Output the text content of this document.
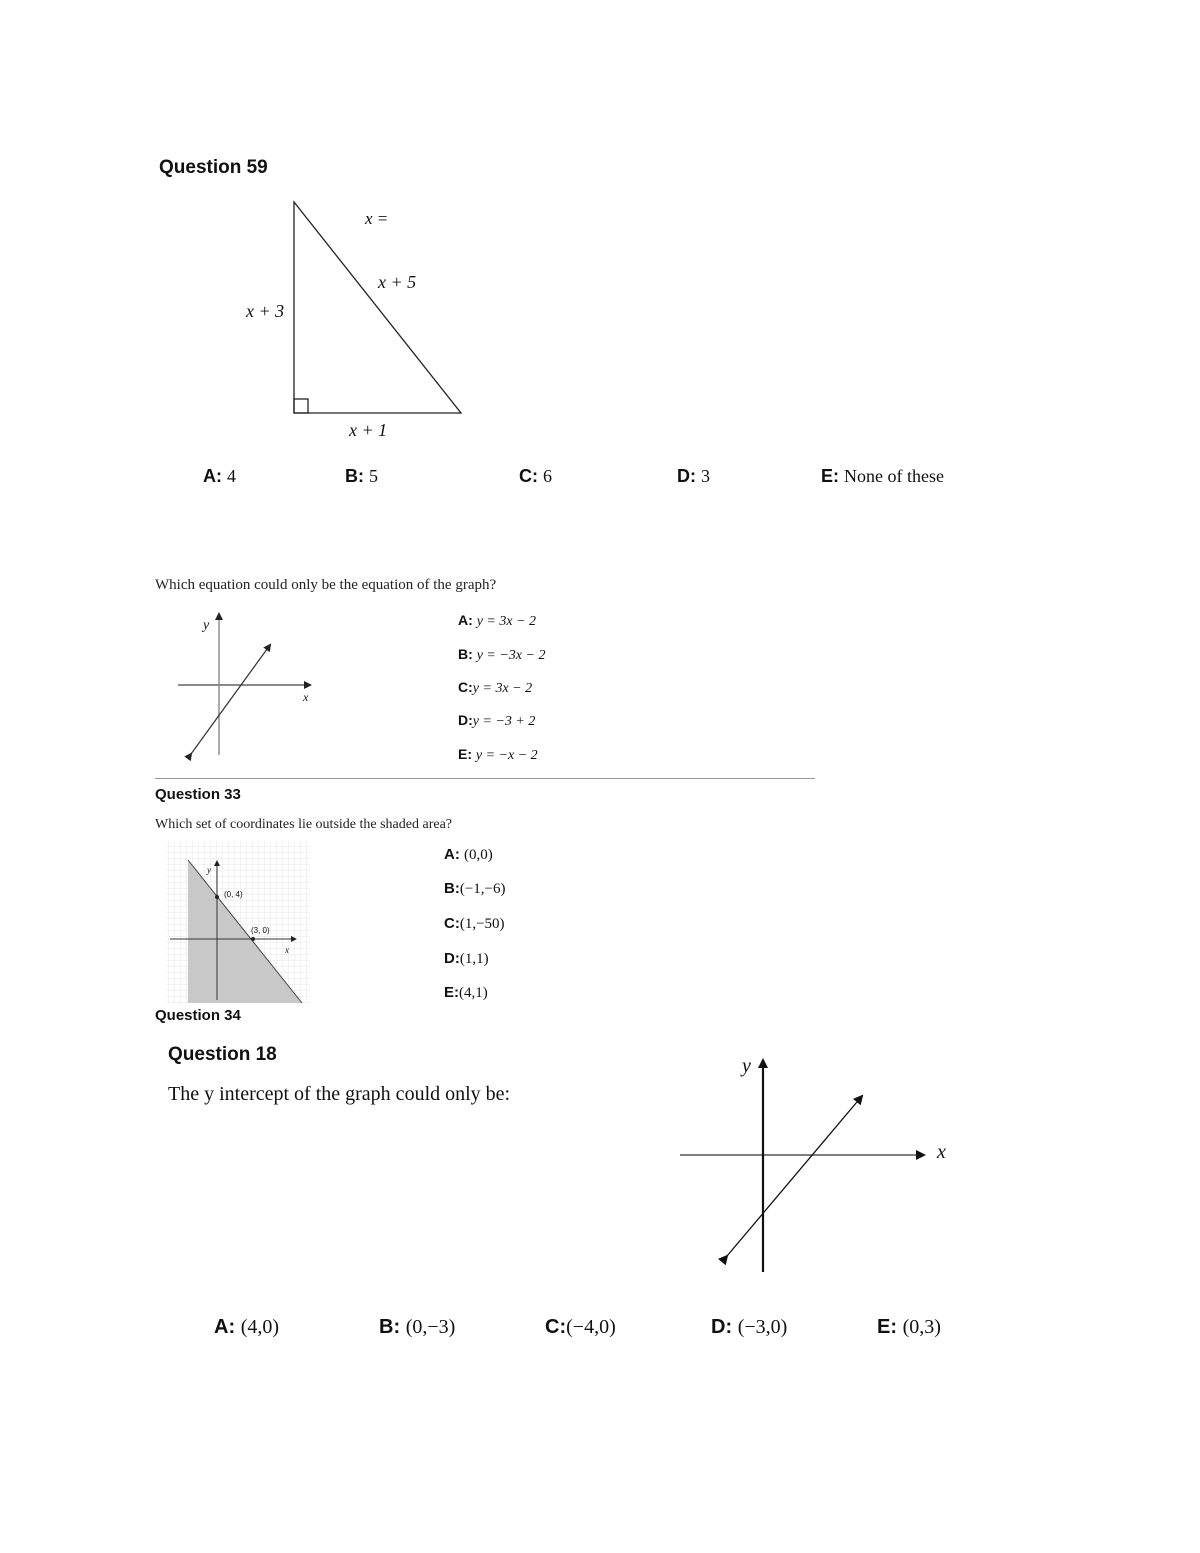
Question 59
x =
x + 5
x + 3
x + 1
A: 4	B: 5	C: 6	D: 3	E: None of these
Which equation could only be the equation of the graph?
y
x
A: y = 3x − 2
B: y = −3x − 2
C:y = 3x − 2
D:y = −3 + 2
E: y = −x − 2
Question 33
Which set of coordinates lie outside the shaded area?
y
x
(0, 4)
(3, 0)
A: (0,0)
B:(−1,−6)
C:(1,−50)
D:(1,1)
E:(4,1)
Question 34
Question 18
The y intercept of the graph could only be:
y
x
A: (4,0)	B: (0,−3)	C:(−4,0)	D: (−3,0)	E: (0,3)
